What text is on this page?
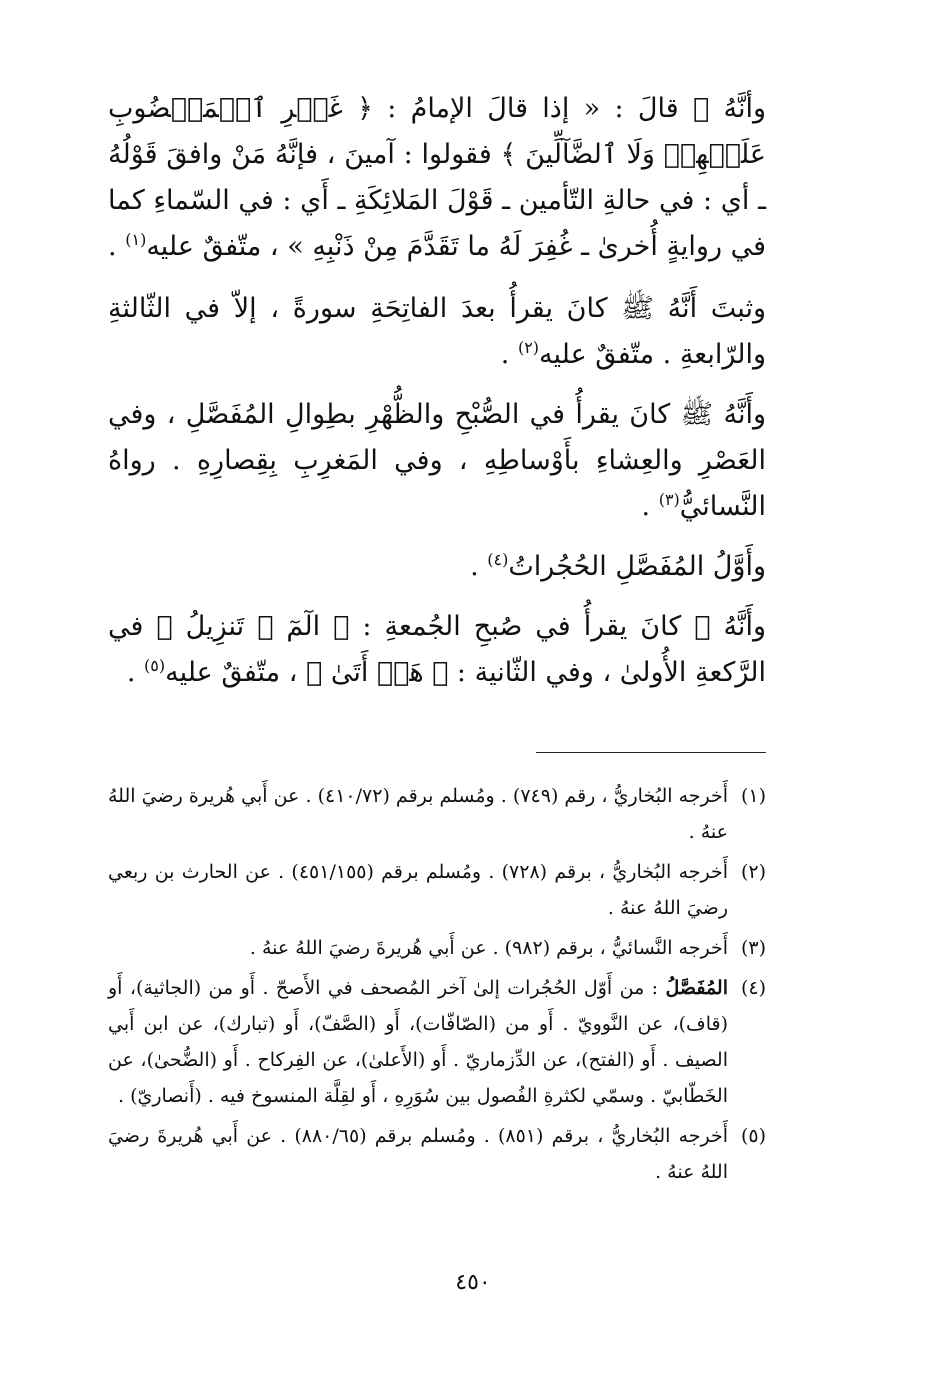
وأنَّهُ ﷺ قالَ : « إذا قالَ الإمامُ : ﴿ غَيۡرِ ٱلۡمَغۡضُوبِ عَلَيۡهِمۡ وَلَا ٱلضَّآلِّينَ ﴾ فقولوا : آمينَ ، فإنَّهُ مَنْ وافقَ قَوْلُهُ ـ أي : في حالةِ التّأمين ـ قَوْلَ المَلائِكَةِ ـ أَي : في السّماءِ كما في روايةٍ أُخرىٰ ـ غُفِرَ لَهُ ما تَقَدَّمَ مِنْ ذَنْبِهِ » ، متّفقٌ عليه$^{(١)}$ .

وثبتَ أَنَّهُ ﷺ كانَ يقرأُ بعدَ الفاتِحَةِ سورةً ، إلاّ في الثّالثةِ والرّابعةِ . متّفقٌ عليه$^{(٢)}$ .

وأَنَّهُ ﷺ كانَ يقرأُ في الصُّبْحِ والظُّهْرِ بطِوالِ المُفَصَّلِ ، وفي العَصْرِ والعِشاءِ بأَوْساطِهِ ، وفي المَغرِبِ بِقِصارِهِ . رواهُ النَّسائيُّ$^{(٣)}$ .

وأَوَّلُ المُفَصَّلِ الحُجُراتُ$^{(٤)}$ .

وأَنَّهُ ﷺ كانَ يقرأُ في صُبحِ الجُمعةِ : ﴿ الٓمٓ ۞ تَنزِيلُ ﴾ في الرَّكعةِ الأُولىٰ ، وفي الثّانية : ﴿ هَلۡ أَتَىٰ ﴾ ، متّفقٌ عليه$^{(٥)}$ .

(١)
أَخرجه البُخاريُّ ، رقم (٧٤٩) . ومُسلم برقم (٤١٠/٧٢) . عن أَبي هُريرة رضيَ اللهُ عنهُ .
(٢)
أَخرجه البُخاريُّ ، برقم (٧٢٨) . ومُسلم برقم (٤٥١/١٥٥) . عن الحارث بن ربعي رضيَ اللهُ عنهُ .
(٣)
أَخرجه النَّسائيُّ ، برقم (٩٨٢) . عن أَبي هُريرةَ رضيَ اللهُ عنهُ .
(٤)
المُفَصَّلُ : من أَوّل الحُجُرات إلىٰ آخر المُصحف في الأَصحّ . أَو من (الجاثية)، أَو (قاف)، عن النَّوويّ . أَو من (الصّافّات)، أَو (الصَّفّ)، أَو (تبارك)، عن ابن أَبي الصيف . أَو (الفتح)، عن الدِّزماريّ . أَو (الأَعلىٰ)، عن الفِركاح . أَو (الضُّحىٰ)، عن الخَطّابيّ . وسمّي لكثرةِ الفُصول بين سُوَرِهِ ، أَو لقِلَّة المنسوخ فيه . (أَنصاريّ) .
(٥)
أَخرجه البُخاريُّ ، برقم (٨٥١) . ومُسلم برقم (٨٨٠/٦٥) . عن أَبي هُريرةَ رضيَ اللهُ عنهُ .
٤٥٠
